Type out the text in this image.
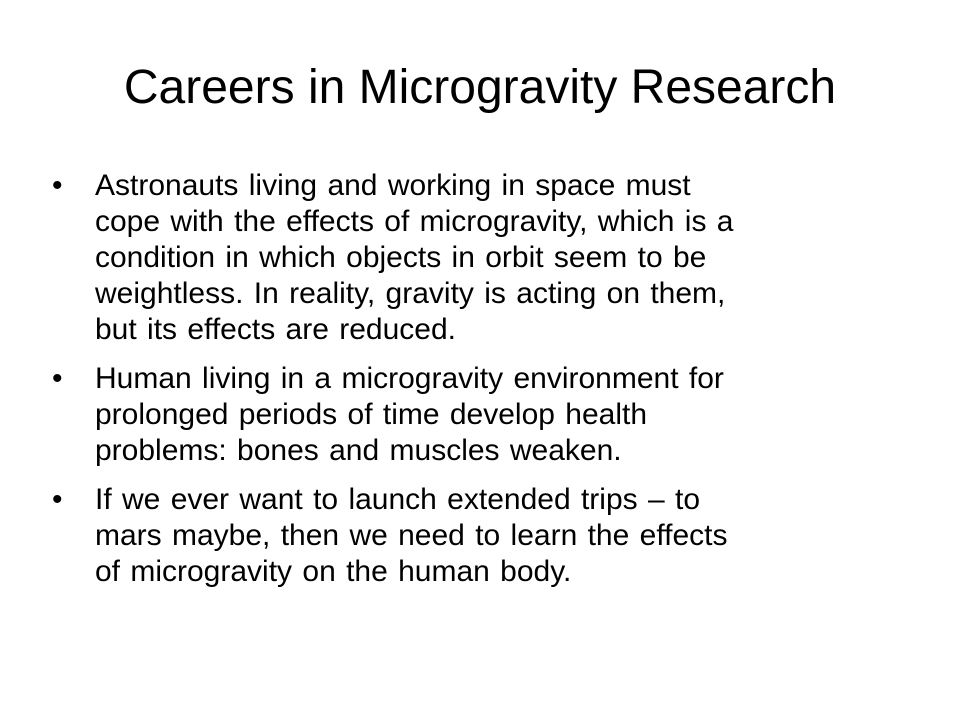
Careers in Microgravity Research
• Astronauts living and working in space must
cope with the effects of microgravity, which is a
condition in which objects in orbit seem to be
weightless. In reality, gravity is acting on them,
but its effects are reduced.
• Human living in a microgravity environment for
prolonged periods of time develop health
problems: bones and muscles weaken.
• If we ever want to launch extended trips – to
mars maybe, then we need to learn the effects
of microgravity on the human body.
